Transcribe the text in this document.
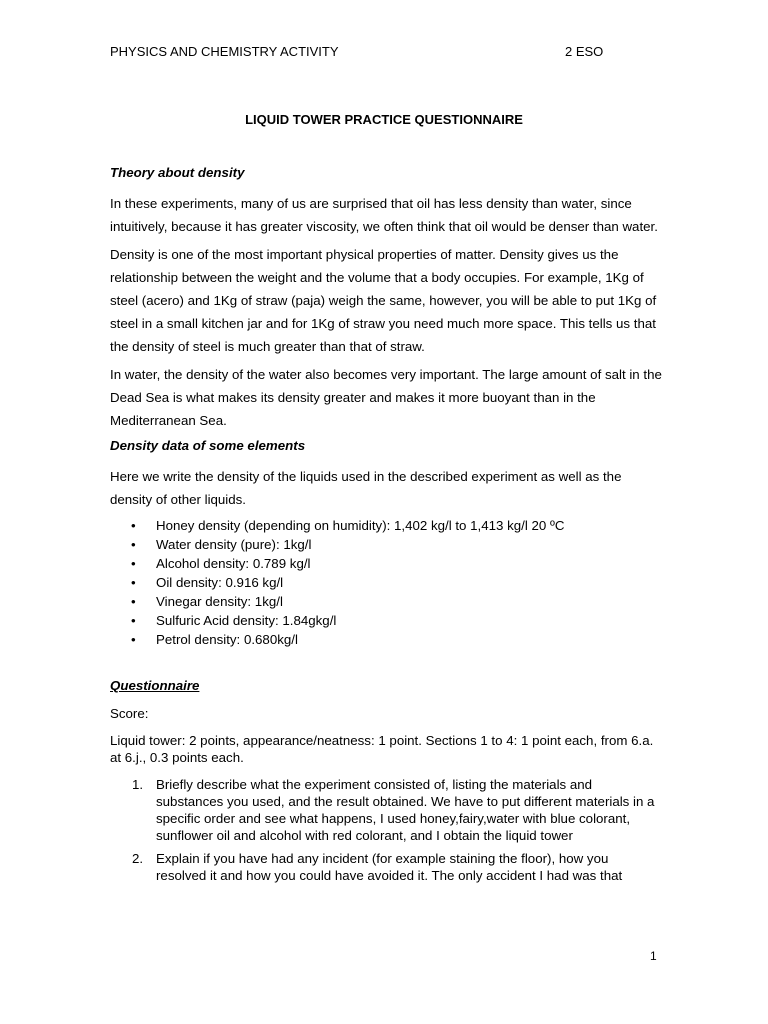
PHYSICS AND CHEMISTRY ACTIVITY	2 ESO
LIQUID TOWER PRACTICE QUESTIONNAIRE
Theory about density

In these experiments, many of us are surprised that oil has less density than water, since intuitively, because it has greater viscosity, we often think that oil would be denser than water.

Density is one of the most important physical properties of matter. Density gives us the relationship between the weight and the volume that a body occupies. For example, 1Kg of steel (acero) and 1Kg of straw (paja) weigh the same, however, you will be able to put 1Kg of steel in a small kitchen jar and for 1Kg of straw you need much more space. This tells us that the density of steel is much greater than that of straw.

In water, the density of the water also becomes very important. The large amount of salt in the Dead Sea is what makes its density greater and makes it more buoyant than in the Mediterranean Sea.

Density data of some elements

Here we write the density of the liquids used in the described experiment as well as the density of other liquids.

• Honey density (depending on humidity): 1,402 kg/l to 1,413 kg/l 20 ºC
• Water density (pure): 1kg/l
• Alcohol density: 0.789 kg/l
• Oil density: 0.916 kg/l
• Vinegar density: 1kg/l
• Sulfuric Acid density: 1.84gkg/l
• Petrol density: 0.680kg/l
Questionnaire

Score:

Liquid tower: 2 points, appearance/neatness: 1 point. Sections 1 to 4: 1 point each, from 6.a. at 6.j., 0.3 points each.

1. Briefly describe what the experiment consisted of, listing the materials and substances you used, and the result obtained. We have to put different materials in a specific order and see what happens, I used honey,fairy,water with blue colorant, sunflower oil and alcohol with red colorant, and I obtain the liquid tower
2. Explain if you have had any incident (for example staining the floor), how you resolved it and how you could have avoided it. The only accident I had was that
1
